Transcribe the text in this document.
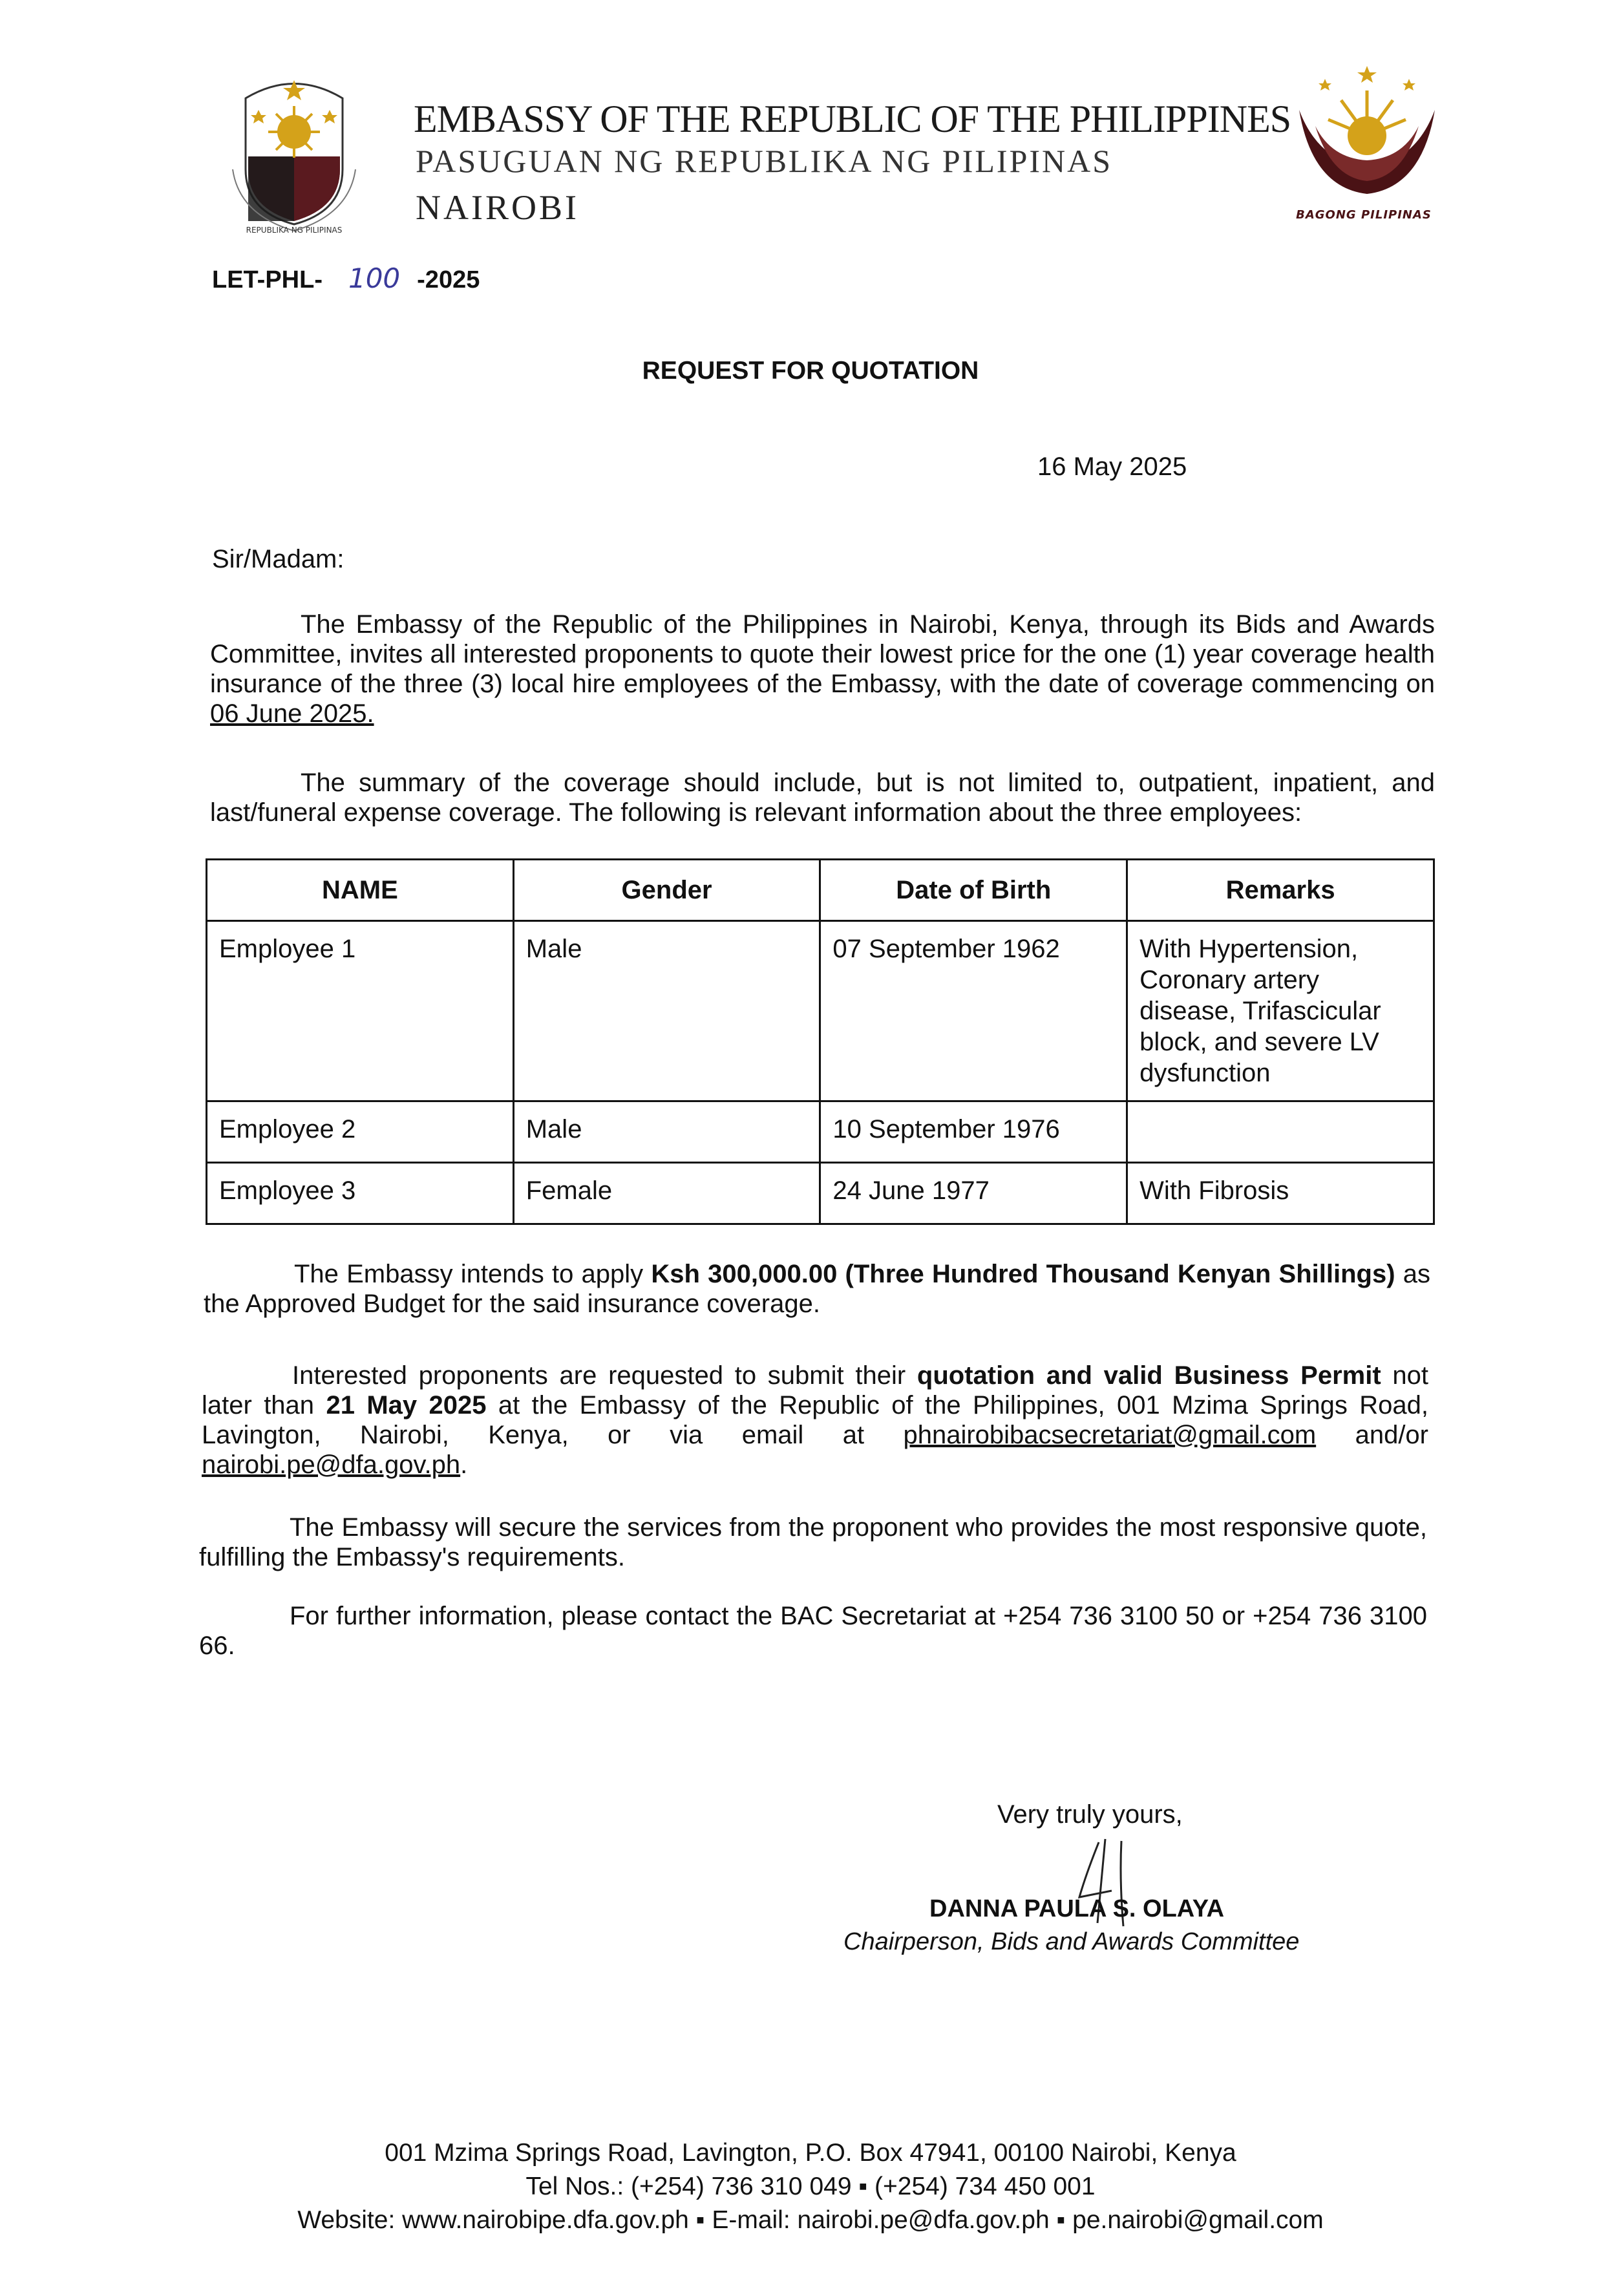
REPUBLIKA NG PILIPINAS
BAGONG PILIPINAS
EMBASSY OF THE REPUBLIC OF THE PHILIPPINES
PASUGUAN NG REPUBLIKA NG PILIPINAS
NAIROBI
LET-PHL- 100 -2025
REQUEST FOR QUOTATION
16 May 2025
Sir/Madam:
The Embassy of the Republic of the Philippines in Nairobi, Kenya, through its Bids and Awards Committee, invites all interested proponents to quote their lowest price for the one (1) year coverage health insurance of the three (3) local hire employees of the Embassy, with the date of coverage commencing on 06 June 2025.
The summary of the coverage should include, but is not limited to, outpatient, inpatient, and last/funeral expense coverage. The following is relevant information about the three employees:
NAME	Gender	Date of Birth	Remarks
Employee 1	Male	07 September 1962	With Hypertension, Coronary artery disease, Trifascicular block, and severe LV dysfunction
Employee 2	Male	10 September 1976	
Employee 3	Female	24 June 1977	With Fibrosis
The Embassy intends to apply Ksh 300,000.00 (Three Hundred Thousand Kenyan Shillings) as the Approved Budget for the said insurance coverage.
Interested proponents are requested to submit their quotation and valid Business Permit not later than 21 May 2025 at the Embassy of the Republic of the Philippines, 001 Mzima Springs Road, Lavington, Nairobi, Kenya, or via email at phnairobibacsecretariat@gmail.com and/or nairobi.pe@dfa.gov.ph.
The Embassy will secure the services from the proponent who provides the most responsive quote, fulfilling the Embassy's requirements.
For further information, please contact the BAC Secretariat at +254 736 3100 50 or +254 736 3100 66.
Very truly yours,
DANNA PAULA S. OLAYA
Chairperson, Bids and Awards Committee
001 Mzima Springs Road, Lavington, P.O. Box 47941, 00100 Nairobi, Kenya
Tel Nos.: (+254) 736 310 049 ▪ (+254) 734 450 001
Website: www.nairobipe.dfa.gov.ph ▪ E-mail: nairobi.pe@dfa.gov.ph ▪ pe.nairobi@gmail.com
